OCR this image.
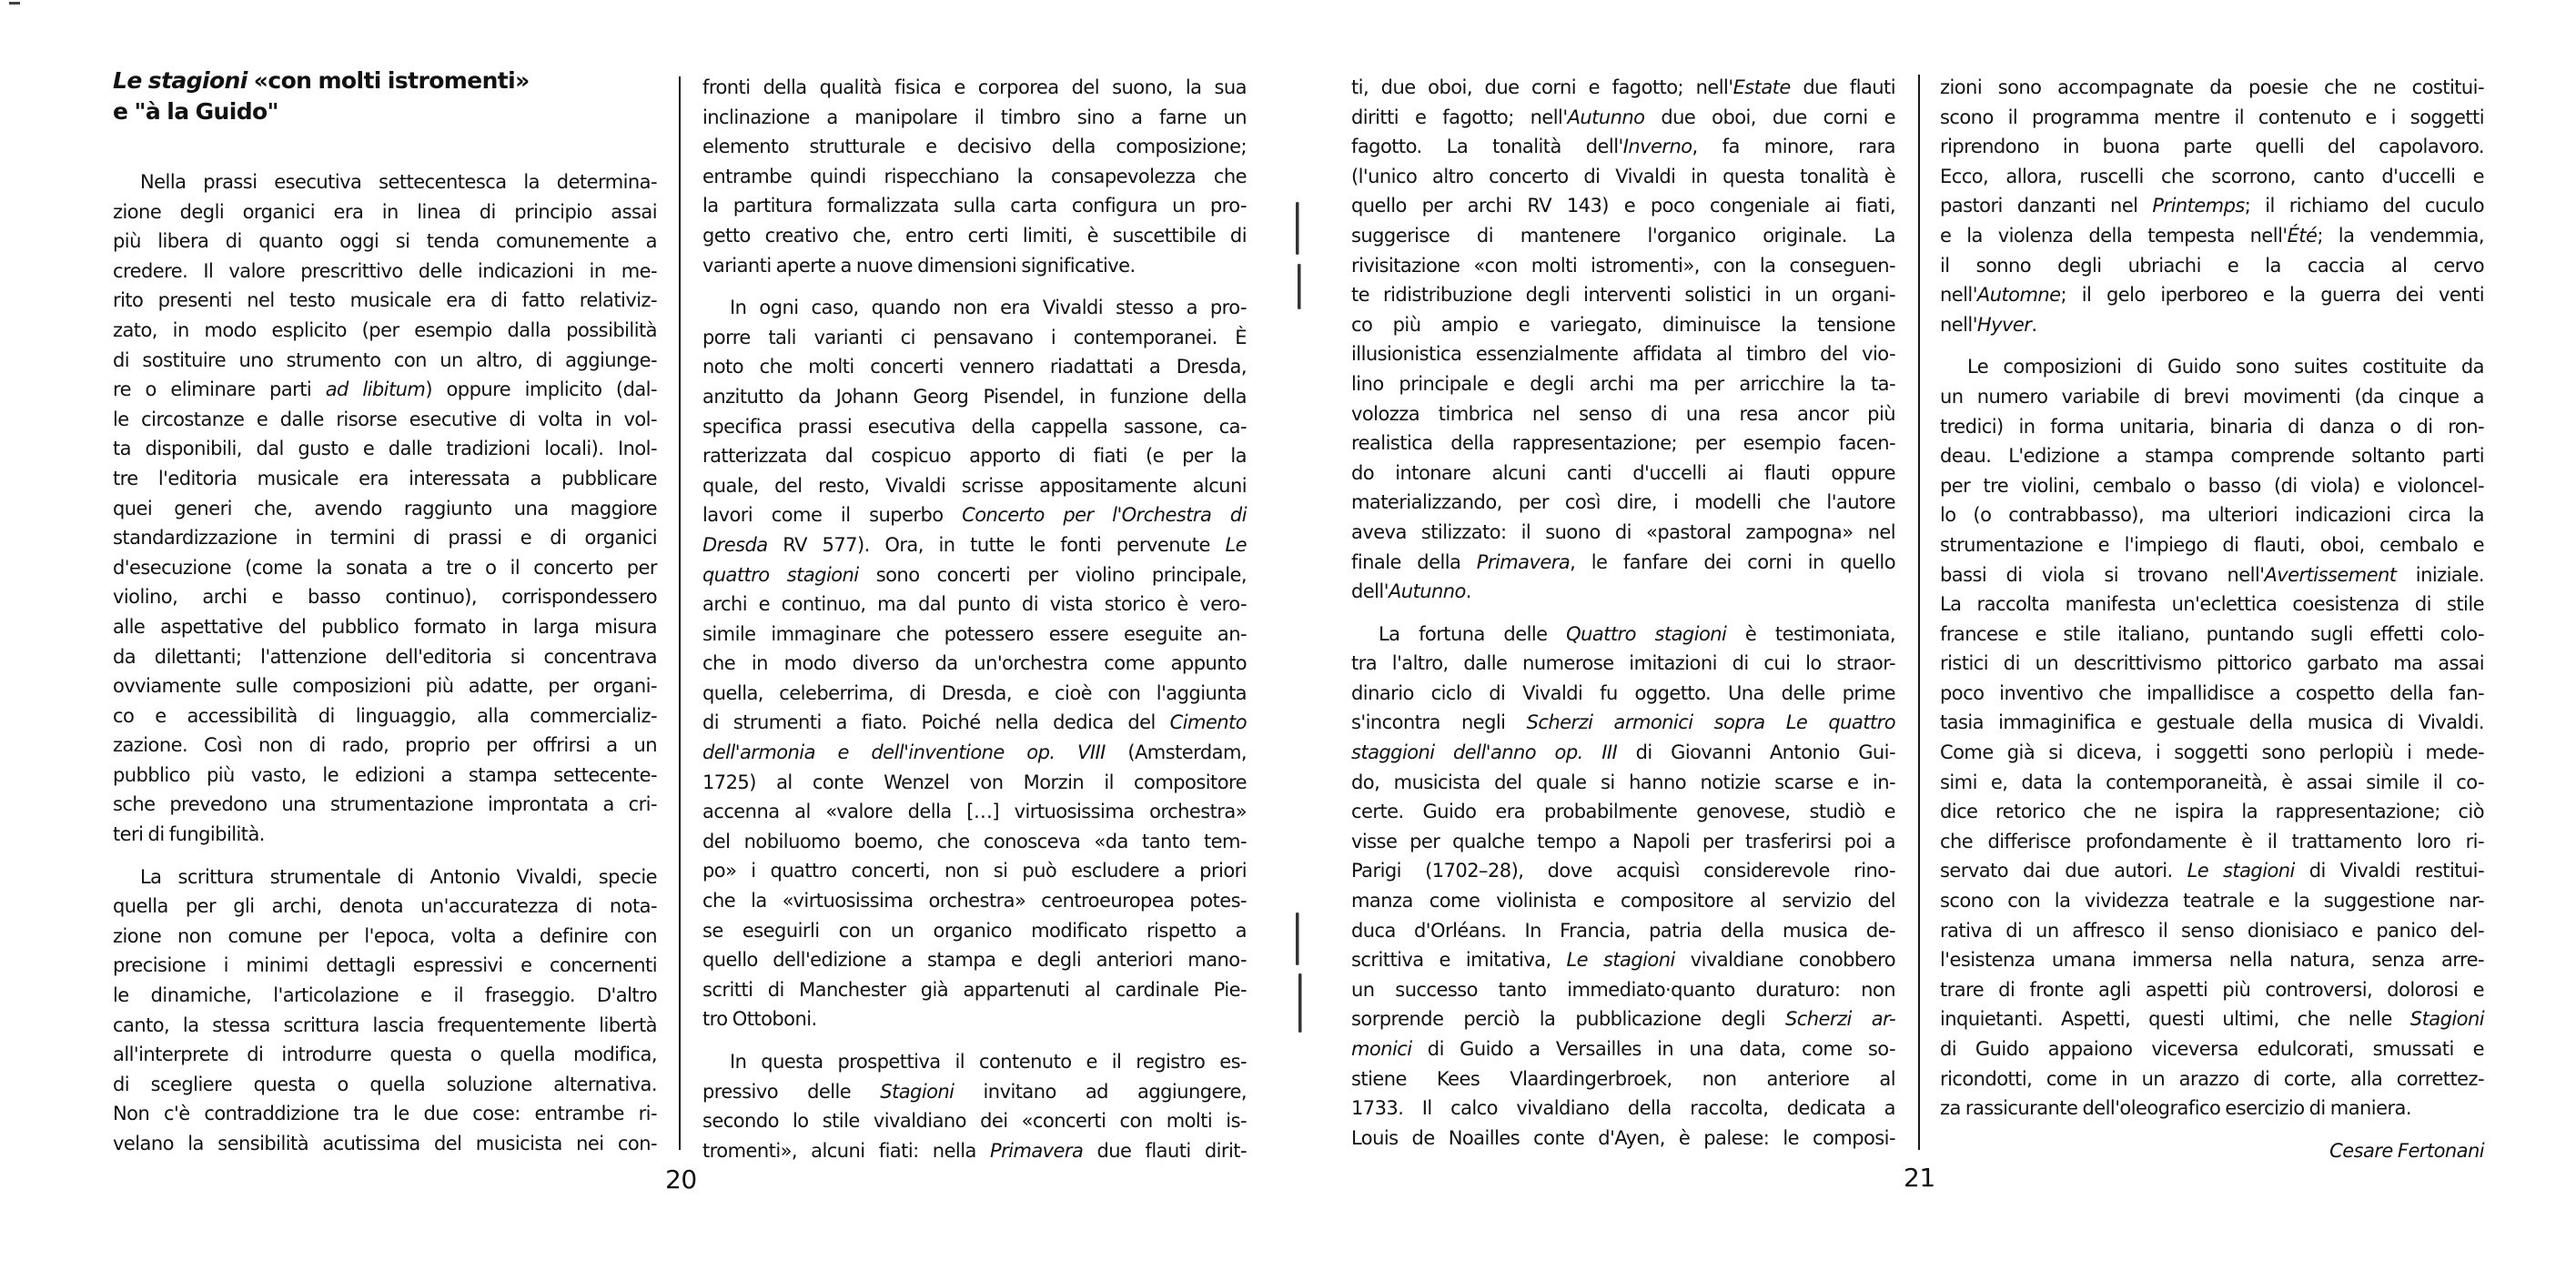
Le stagioni «con molti istromenti»
e "à la Guido"
Nella prassi esecutiva settecentesca la determina-
zione degli organici era in linea di principio assai
più libera di quanto oggi si tenda comunemente a
credere. Il valore prescrittivo delle indicazioni in me-
rito presenti nel testo musicale era di fatto relativiz-
zato, in modo esplicito (per esempio dalla possibilità
di sostituire uno strumento con un altro, di aggiunge-
re o eliminare parti ad libitum) oppure implicito (dal-
le circostanze e dalle risorse esecutive di volta in vol-
ta disponibili, dal gusto e dalle tradizioni locali). Inol-
tre l'editoria musicale era interessata a pubblicare
quei generi che, avendo raggiunto una maggiore
standardizzazione in termini di prassi e di organici
d'esecuzione (come la sonata a tre o il concerto per
violino, archi e basso continuo), corrispondessero
alle aspettative del pubblico formato in larga misura
da dilettanti; l'attenzione dell'editoria si concentrava
ovviamente sulle composizioni più adatte, per organi-
co e accessibilità di linguaggio, alla commercializ-
zazione. Così non di rado, proprio per offrirsi a un
pubblico più vasto, le edizioni a stampa settecente-
sche prevedono una strumentazione improntata a cri-
teri di fungibilità.
La scrittura strumentale di Antonio Vivaldi, specie
quella per gli archi, denota un'accuratezza di nota-
zione non comune per l'epoca, volta a definire con
precisione i minimi dettagli espressivi e concernenti
le dinamiche, l'articolazione e il fraseggio. D'altro
canto, la stessa scrittura lascia frequentemente libertà
all'interprete di introdurre questa o quella modifica,
di scegliere questa o quella soluzione alternativa.
Non c'è contraddizione tra le due cose: entrambe ri-
velano la sensibilità acutissima del musicista nei con-
fronti della qualità fisica e corporea del suono, la sua
inclinazione a manipolare il timbro sino a farne un
elemento strutturale e decisivo della composizione;
entrambe quindi rispecchiano la consapevolezza che
la partitura formalizzata sulla carta configura un pro-
getto creativo che, entro certi limiti, è suscettibile di
varianti aperte a nuove dimensioni significative.
In ogni caso, quando non era Vivaldi stesso a pro-
porre tali varianti ci pensavano i contemporanei. È
noto che molti concerti vennero riadattati a Dresda,
anzitutto da Johann Georg Pisendel, in funzione della
specifica prassi esecutiva della cappella sassone, ca-
ratterizzata dal cospicuo apporto di fiati (e per la
quale, del resto, Vivaldi scrisse appositamente alcuni
lavori come il superbo Concerto per l'Orchestra di
Dresda RV 577). Ora, in tutte le fonti pervenute Le
quattro stagioni sono concerti per violino principale,
archi e continuo, ma dal punto di vista storico è vero-
simile immaginare che potessero essere eseguite an-
che in modo diverso da un'orchestra come appunto
quella, celeberrima, di Dresda, e cioè con l'aggiunta
di strumenti a fiato. Poiché nella dedica del Cimento
dell'armonia e dell'inventione op. VIII (Amsterdam,
1725) al conte Wenzel von Morzin il compositore
accenna al «valore della […] virtuosissima orchestra»
del nobiluomo boemo, che conosceva «da tanto tem-
po» i quattro concerti, non si può escludere a priori
che la «virtuosissima orchestra» centroeuropea potes-
se eseguirli con un organico modificato rispetto a
quello dell'edizione a stampa e degli anteriori mano-
scritti di Manchester già appartenuti al cardinale Pie-
tro Ottoboni.
In questa prospettiva il contenuto e il registro es-
pressivo delle Stagioni invitano ad aggiungere,
secondo lo stile vivaldiano dei «concerti con molti is-
tromenti», alcuni fiati: nella Primavera due flauti dirit-
20
ti, due oboi, due corni e fagotto; nell'Estate due flauti
diritti e fagotto; nell'Autunno due oboi, due corni e
fagotto. La tonalità dell'Inverno, fa minore, rara
(l'unico altro concerto di Vivaldi in questa tonalità è
quello per archi RV 143) e poco congeniale ai fiati,
suggerisce di mantenere l'organico originale. La
rivisitazione «con molti istromenti», con la conseguen-
te ridistribuzione degli interventi solistici in un organi-
co più ampio e variegato, diminuisce la tensione
illusionistica essenzialmente affidata al timbro del vio-
lino principale e degli archi ma per arricchire la ta-
volozza timbrica nel senso di una resa ancor più
realistica della rappresentazione; per esempio facen-
do intonare alcuni canti d'uccelli ai flauti oppure
materializzando, per così dire, i modelli che l'autore
aveva stilizzato: il suono di «pastoral zampogna» nel
finale della Primavera, le fanfare dei corni in quello
dell'Autunno.
La fortuna delle Quattro stagioni è testimoniata,
tra l'altro, dalle numerose imitazioni di cui lo straor-
dinario ciclo di Vivaldi fu oggetto. Una delle prime
s'incontra negli Scherzi armonici sopra Le quattro
staggioni dell'anno op. III di Giovanni Antonio Gui-
do, musicista del quale si hanno notizie scarse e in-
certe. Guido era probabilmente genovese, studiò e
visse per qualche tempo a Napoli per trasferirsi poi a
Parigi (1702–28), dove acquisì considerevole rino-
manza come violinista e compositore al servizio del
duca d'Orléans. In Francia, patria della musica de-
scrittiva e imitativa, Le stagioni vivaldiane conobbero
un successo tanto immediato·quanto duraturo: non
sorprende perciò la pubblicazione degli Scherzi ar-
monici di Guido a Versailles in una data, come so-
stiene Kees Vlaardingerbroek, non anteriore al
1733. Il calco vivaldiano della raccolta, dedicata a
Louis de Noailles conte d'Ayen, è palese: le composi-
zioni sono accompagnate da poesie che ne costitui-
scono il programma mentre il contenuto e i soggetti
riprendono in buona parte quelli del capolavoro.
Ecco, allora, ruscelli che scorrono, canto d'uccelli e
pastori danzanti nel Printemps; il richiamo del cuculo
e la violenza della tempesta nell'Été; la vendemmia,
il sonno degli ubriachi e la caccia al cervo
nell'Automne; il gelo iperboreo e la guerra dei venti
nell'Hyver.
Le composizioni di Guido sono suites costituite da
un numero variabile di brevi movimenti (da cinque a
tredici) in forma unitaria, binaria di danza o di ron-
deau. L'edizione a stampa comprende soltanto parti
per tre violini, cembalo o basso (di viola) e violoncel-
lo (o contrabbasso), ma ulteriori indicazioni circa la
strumentazione e l'impiego di flauti, oboi, cembalo e
bassi di viola si trovano nell'Avertissement iniziale.
La raccolta manifesta un'eclettica coesistenza di stile
francese e stile italiano, puntando sugli effetti colo-
ristici di un descrittivismo pittorico garbato ma assai
poco inventivo che impallidisce a cospetto della fan-
tasia immaginifica e gestuale della musica di Vivaldi.
Come già si diceva, i soggetti sono perlopiù i mede-
simi e, data la contemporaneità, è assai simile il co-
dice retorico che ne ispira la rappresentazione; ciò
che differisce profondamente è il trattamento loro ri-
servato dai due autori. Le stagioni di Vivaldi restitui-
scono con la vividezza teatrale e la suggestione nar-
rativa di un affresco il senso dionisiaco e panico del-
l'esistenza umana immersa nella natura, senza arre-
trare di fronte agli aspetti più controversi, dolorosi e
inquietanti. Aspetti, questi ultimi, che nelle Stagioni
di Guido appaiono viceversa edulcorati, smussati e
ricondotti, come in un arazzo di corte, alla correttez-
za rassicurante dell'oleografico esercizio di maniera.
Cesare Fertonani
21
